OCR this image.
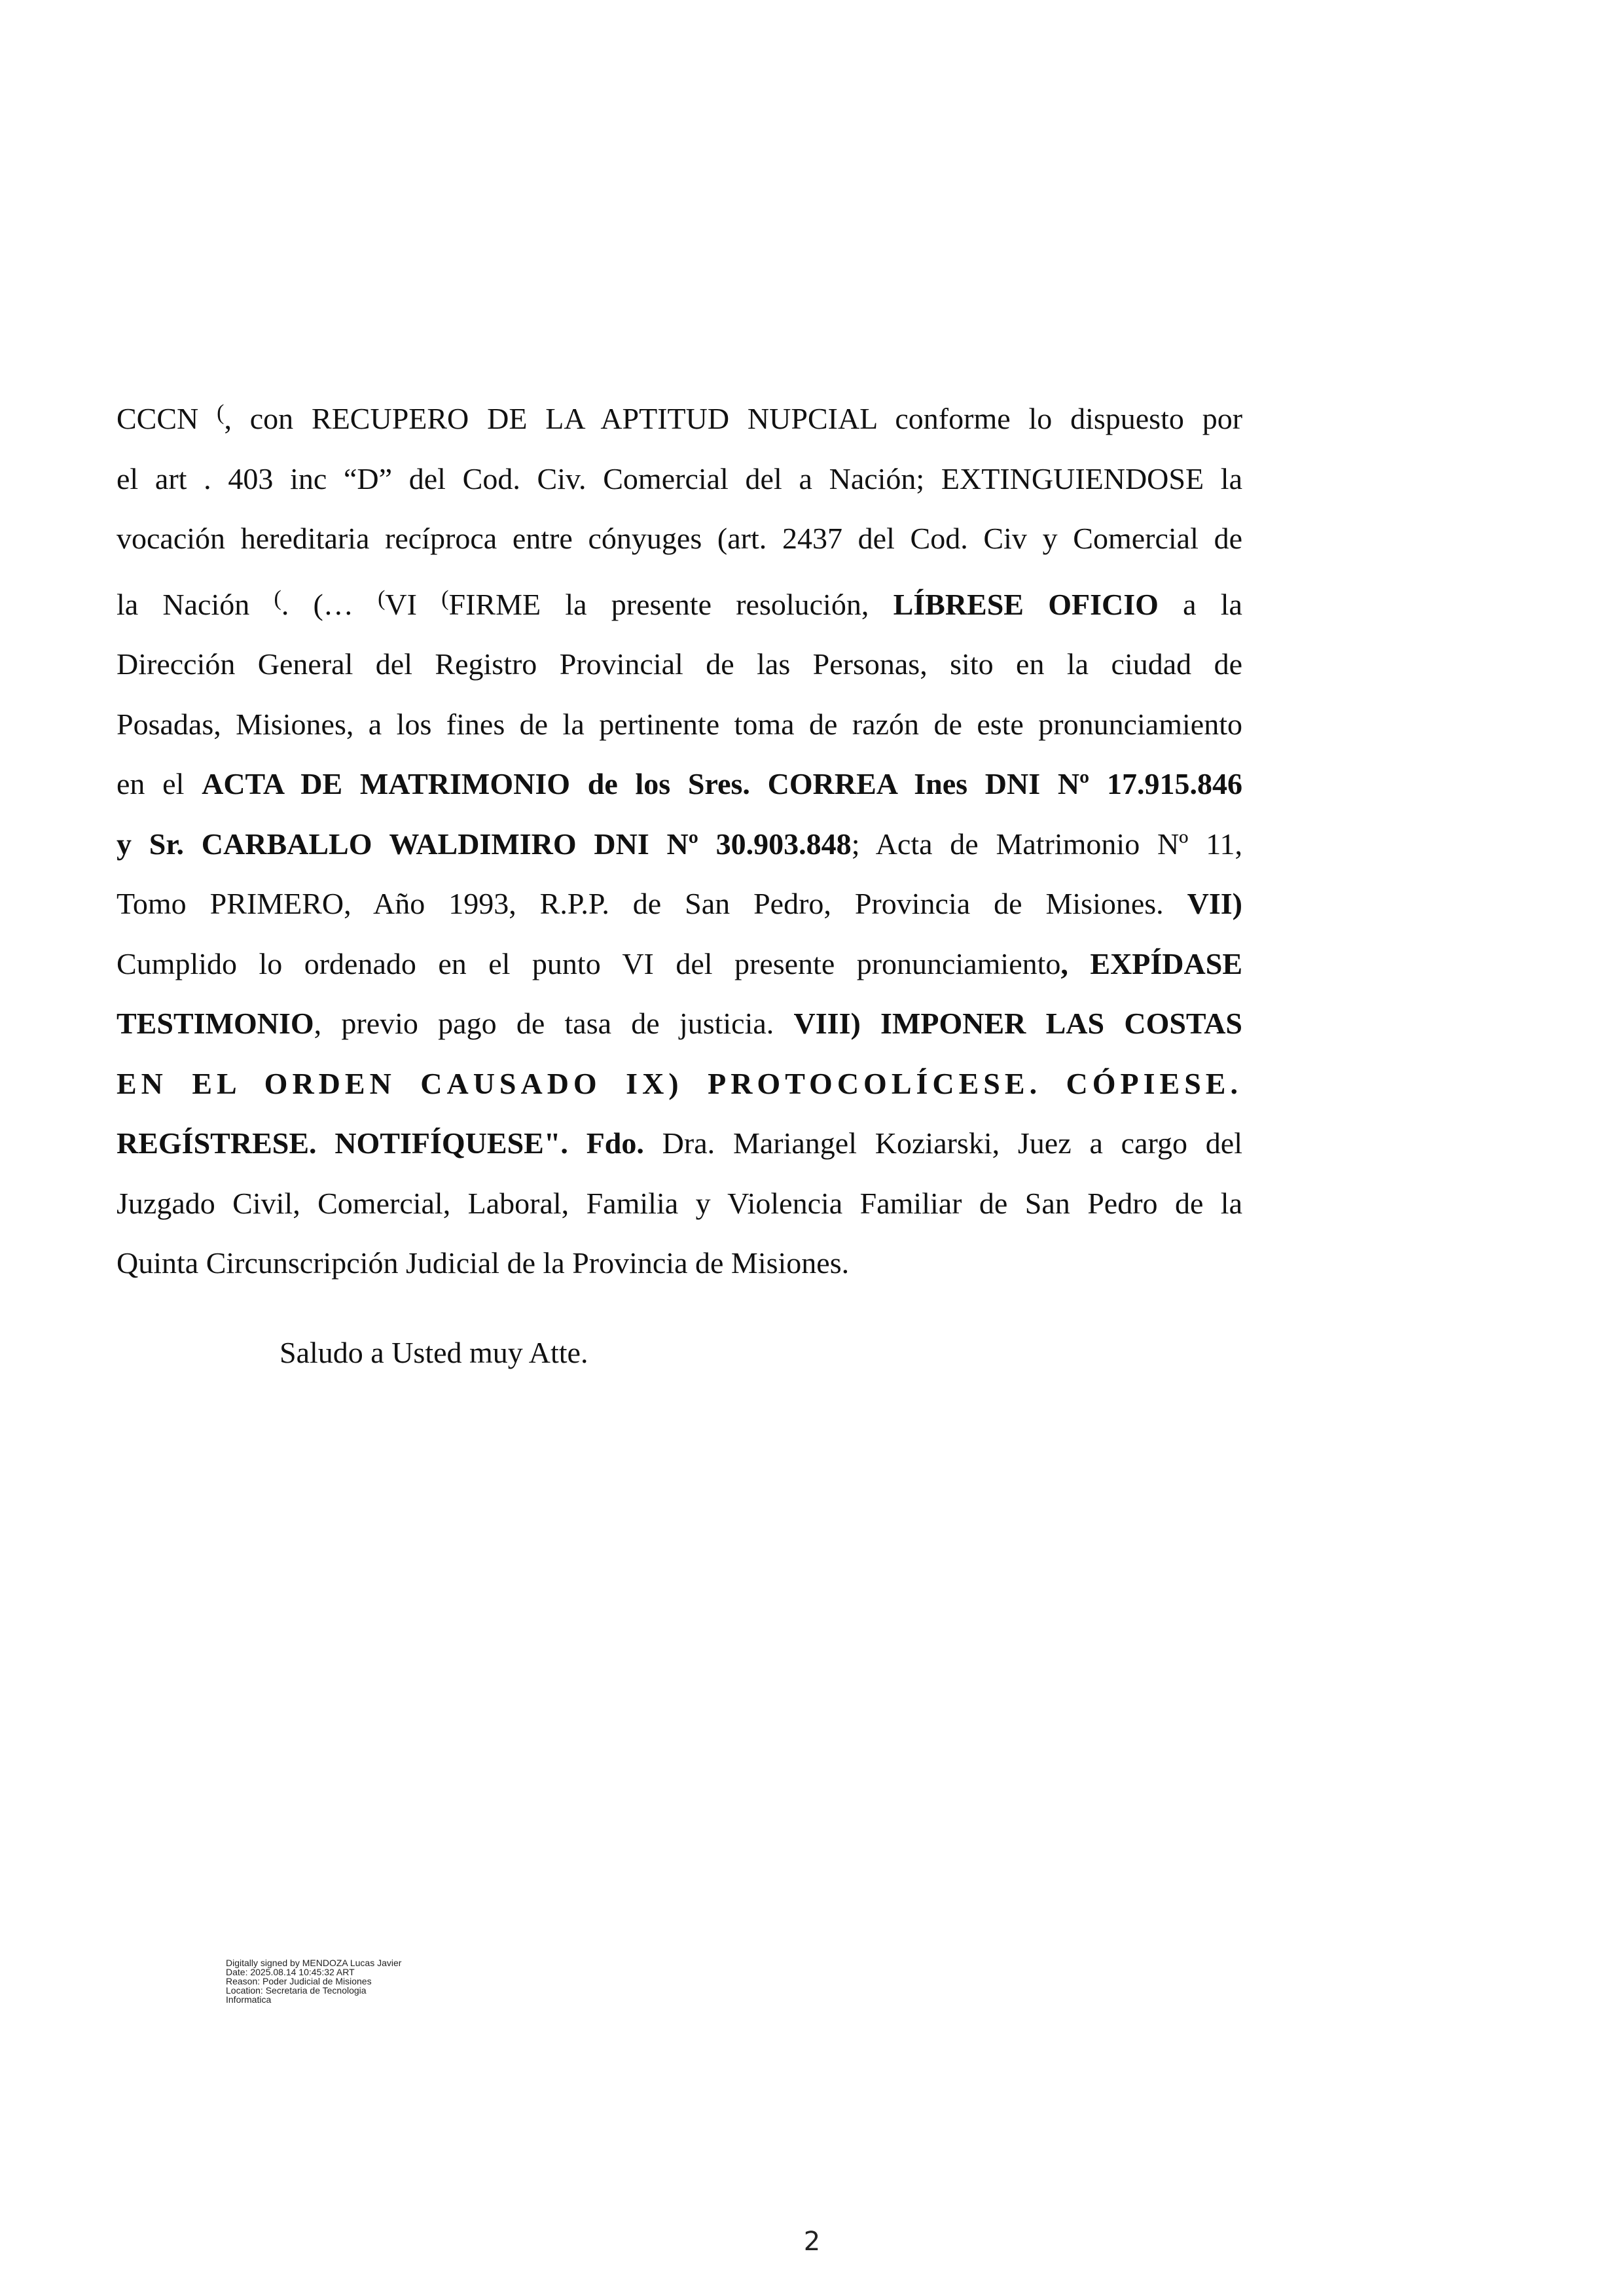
CCCN (, con RECUPERO DE LA APTITUD NUPCIAL conforme lo dispuesto por
el art . 403 inc “D” del Cod. Civ. Comercial del a Nación; EXTINGUIENDOSE la
vocación hereditaria recíproca entre cónyuges (art. 2437 del Cod. Civ y Comercial de
la Nación (. (… (VI (FIRME la presente resolución, LÍBRESE OFICIO a la
Dirección General del Registro Provincial de las Personas, sito en la ciudad de
Posadas, Misiones, a los fines de la pertinente toma de razón de este pronunciamiento
en el ACTA DE MATRIMONIO de los Sres. CORREA Ines DNI Nº 17.915.846
y Sr. CARBALLO WALDIMIRO DNI Nº 30.903.848; Acta de Matrimonio Nº 11,
Tomo PRIMERO, Año 1993, R.P.P. de San Pedro, Provincia de Misiones. VII)
Cumplido lo ordenado en el punto VI del presente pronunciamiento, EXPÍDASE
TESTIMONIO, previo pago de tasa de justicia. VIII) IMPONER LAS COSTAS
EN EL ORDEN CAUSADO IX) PROTOCOLÍCESE. CÓPIESE.
REGÍSTRESE. NOTIFÍQUESE". Fdo. Dra. Mariangel Koziarski, Juez a cargo del
Juzgado Civil, Comercial, Laboral, Familia y Violencia Familiar de San Pedro de la
Quinta Circunscripción Judicial de la Provincia de Misiones.
Saludo a Usted muy Atte.
Digitally signed by MENDOZA Lucas Javier
Date: 2025.08.14 10:45:32 ART
Reason: Poder Judicial de Misiones
Location: Secretaria de Tecnologia
Informatica
2
